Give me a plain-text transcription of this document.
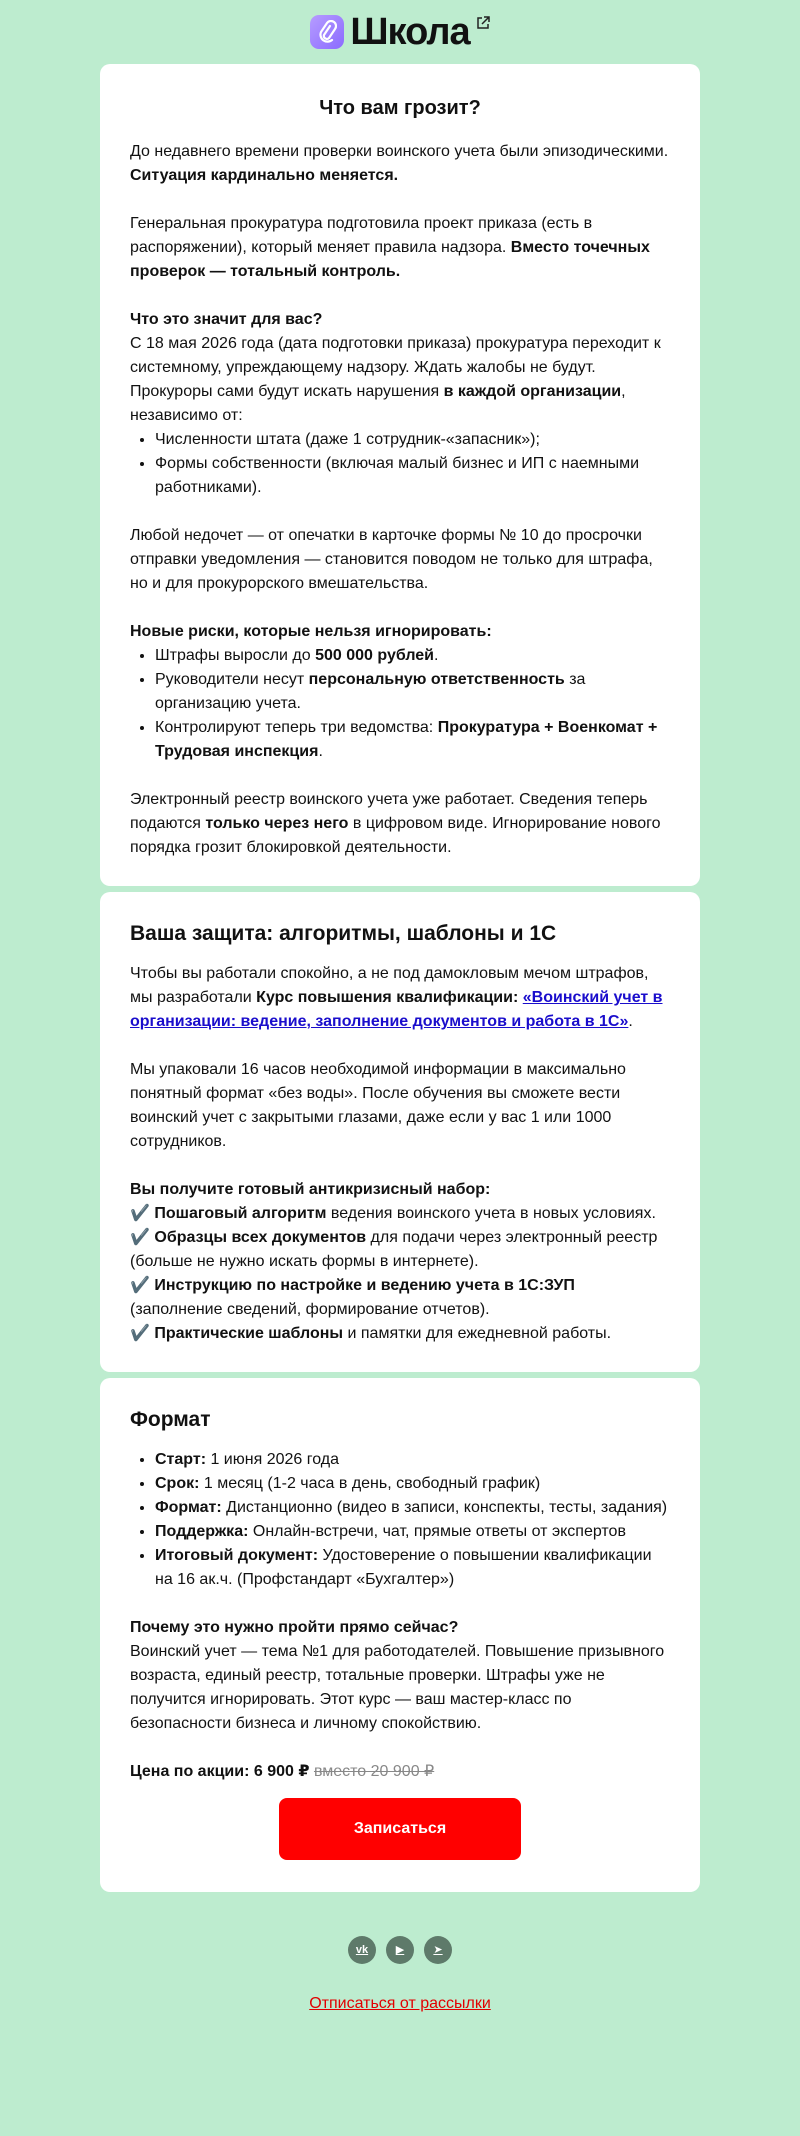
Школа
Что вам грозит?

До недавнего времени проверки воинского учета были эпизодическими.
Ситуация кардинально меняется.

Генеральная прокуратура подготовила проект приказа (есть в распоряжении), который меняет правила надзора. Вместо точечных проверок — тотальный контроль.

Что это значит для вас?
С 18 мая 2026 года (дата подготовки приказа) прокуратура переходит к системному, упреждающему надзору. Ждать жалобы не будут. Прокуроры сами будут искать нарушения в каждой организации, независимо от:

• Численности штата (даже 1 сотрудник-«запасник»);
• Формы собственности (включая малый бизнес и ИП с наемными работниками).

Любой недочет — от опечатки в карточке формы № 10 до просрочки отправки уведомления — становится поводом не только для штрафа, но и для прокурорского вмешательства.

Новые риски, которые нельзя игнорировать:

• Штрафы выросли до 500 000 рублей.
• Руководители несут персональную ответственность за организацию учета.
• Контролируют теперь три ведомства: Прокуратура + Военкомат + Трудовая инспекция.

Электронный реестр воинского учета уже работает. Сведения теперь подаются только через него в цифровом виде. Игнорирование нового порядка грозит блокировкой деятельности.

Ваша защита: алгоритмы, шаблоны и 1С

Чтобы вы работали спокойно, а не под дамокловым мечом штрафов, мы разработали Курс повышения квалификации: «Воинский учет в организации: ведение, заполнение документов и работа в 1С».

Мы упаковали 16 часов необходимой информации в максимально понятный формат «без воды». После обучения вы сможете вести воинский учет с закрытыми глазами, даже если у вас 1 или 1000 сотрудников.

Вы получите готовый антикризисный набор:
✔️ Пошаговый алгоритм ведения воинского учета в новых условиях.
✔️ Образцы всех документов для подачи через электронный реестр (больше не нужно искать формы в интернете).
✔️ Инструкцию по настройке и ведению учета в 1С:ЗУП (заполнение сведений, формирование отчетов).
✔️ Практические шаблоны и памятки для ежедневной работы.

Формат
• Старт: 1 июня 2026 года
• Срок: 1 месяц (1-2 часа в день, свободный график)
• Формат: Дистанционно (видео в записи, конспекты, тесты, задания)
• Поддержка: Онлайн-встречи, чат, прямые ответы от экспертов
• Итоговый документ: Удостоверение о повышении квалификации на 16 ак.ч. (Профстандарт «Бухгалтер»)

Почему это нужно пройти прямо сейчас?
Воинский учет — тема №1 для работодателей. Повышение призывного возраста, единый реестр, тотальные проверки. Штрафы уже не получится игнорировать. Этот курс — ваш мастер-класс по безопасности бизнеса и личному спокойствию.

Цена по акции: 6 900 ₽ вместо 20 900 ₽

Записаться
vk	▶	➤
Отписаться от рассылки
